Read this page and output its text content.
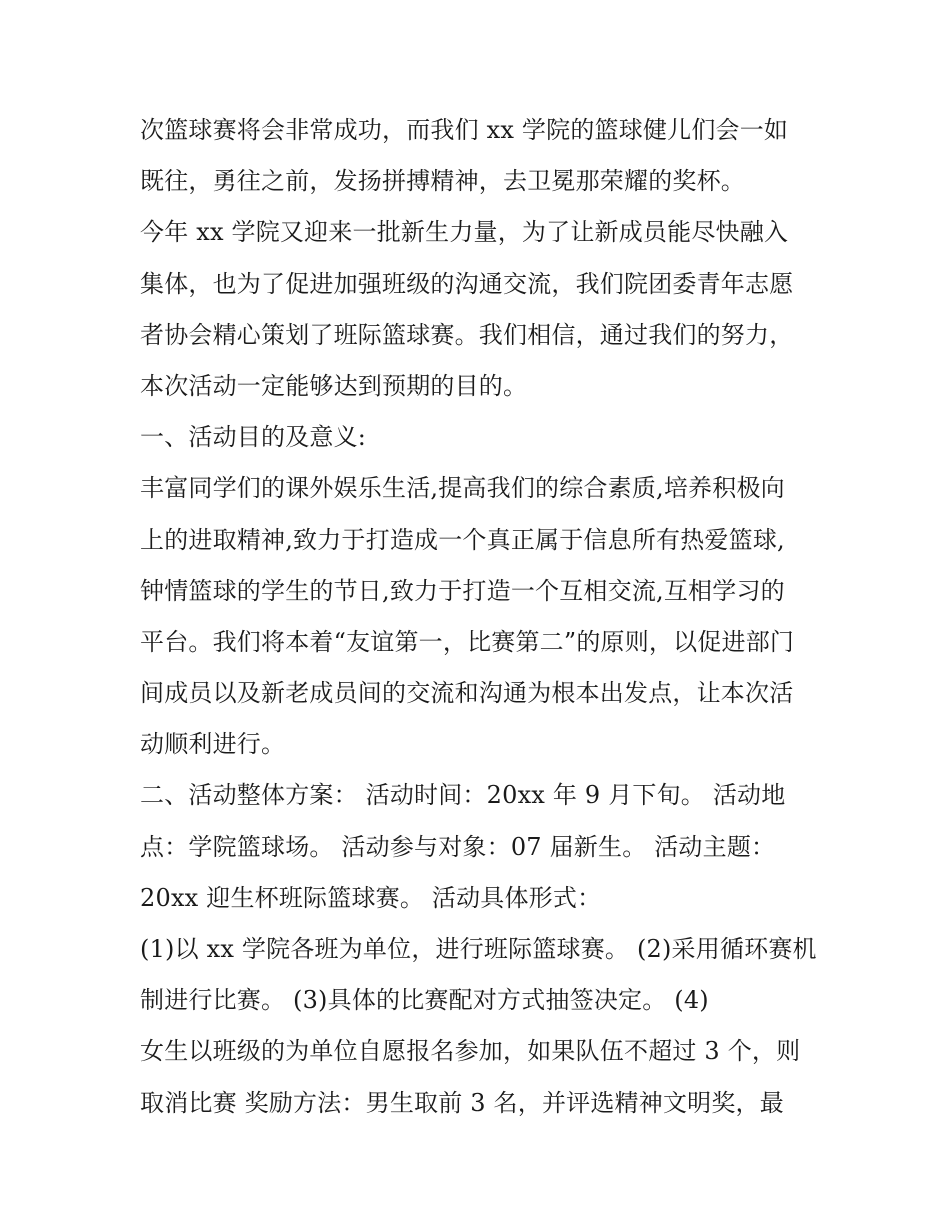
次篮球赛将会非常成功，而我们 xx 学院的篮球健儿们会一如
既往，勇往之前，发扬拼搏精神，去卫冕那荣耀的奖杯。
今年 xx 学院又迎来一批新生力量，为了让新成员能尽快融入
集体，也为了促进加强班级的沟通交流，我们院团委青年志愿
者协会精心策划了班际篮球赛。我们相信，通过我们的努力，
本次活动一定能够达到预期的目的。
一、活动目的及意义:
丰富同学们的课外娱乐生活,提高我们的综合素质,培养积极向
上的进取精神,致力于打造成一个真正属于信息所有热爱篮球,
钟情篮球的学生的节日,致力于打造一个互相交流,互相学习的
平台。我们将本着“友谊第一，比赛第二”的原则，以促进部门
间成员以及新老成员间的交流和沟通为根本出发点，让本次活
动顺利进行。
二、活动整体方案： 活动时间：20xx 年 9 月下旬。 活动地
点：学院篮球场。 活动参与对象：07 届新生。 活动主题：
20xx 迎生杯班际篮球赛。 活动具体形式：
(1)以 xx 学院各班为单位，进行班际篮球赛。 (2)采用循环赛机
制进行比赛。 (3)具体的比赛配对方式抽签决定。 (4)
女生以班级的为单位自愿报名参加，如果队伍不超过 3 个，则
取消比赛 奖励方法：男生取前 3 名，并评选精神文明奖，最
